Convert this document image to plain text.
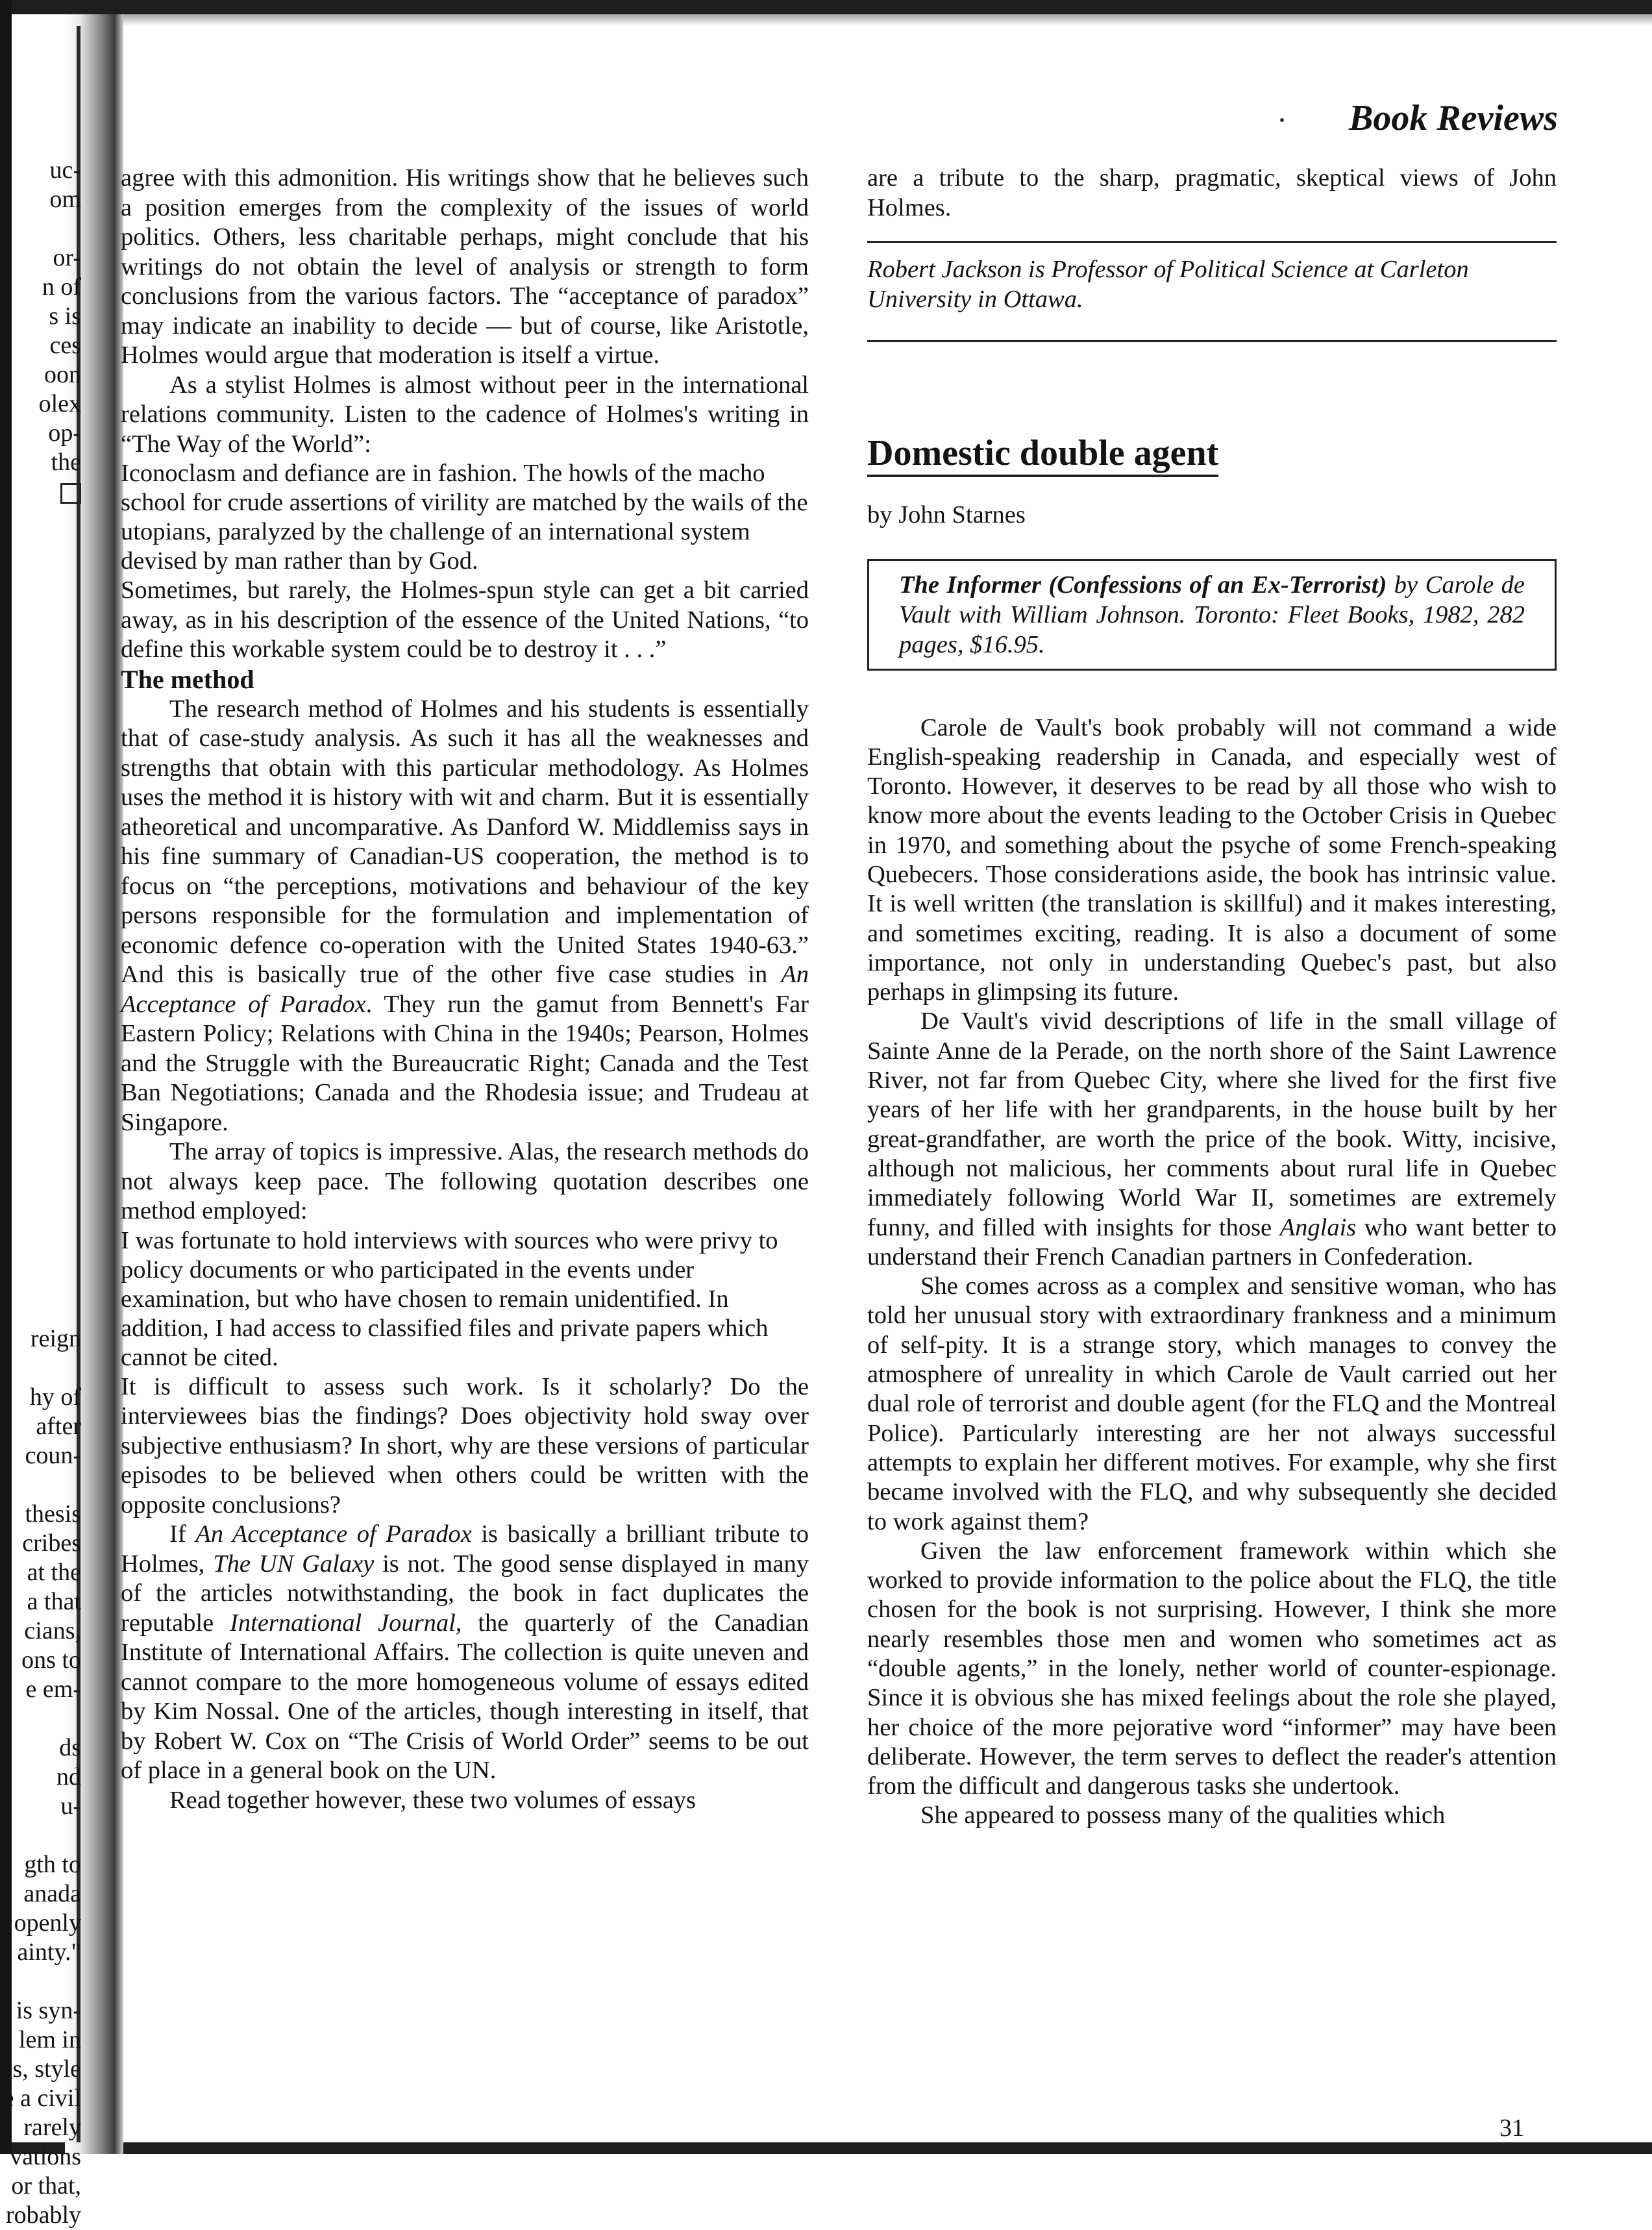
uc-
om
or-
n of
s is
ces
oon
olex
op-
the
reign
hy of
after
coun-
thesis
cribes
at the
a that
cians,
ons to
e em-
ds
nd
u-
gth to
anada
openly
ainty."
is syn-
lem in
s, style
e a civil
rarely
vations
or that,
robably
Book Reviews

agree with this admonition. His writings show that he believes such a position emerges from the complexity of the issues of world politics. Others, less charitable perhaps, might conclude that his writings do not obtain the level of analysis or strength to form conclusions from the various factors. The “acceptance of paradox” may indicate an inability to decide — but of course, like Aristotle, Holmes would argue that moderation is itself a virtue.

As a stylist Holmes is almost without peer in the international relations community. Listen to the cadence of Holmes's writing in “The Way of the World”:

Iconoclasm and defiance are in fashion. The howls of the macho school for crude assertions of virility are matched by the wails of the utopians, paralyzed by the challenge of an international system devised by man rather than by God.

Sometimes, but rarely, the Holmes-spun style can get a bit carried away, as in his description of the essence of the United Nations, “to define this workable system could be to destroy it . . .”

The method

The research method of Holmes and his students is essentially that of case-study analysis. As such it has all the weaknesses and strengths that obtain with this particular methodology. As Holmes uses the method it is history with wit and charm. But it is essentially atheoretical and uncomparative. As Danford W. Middlemiss says in his fine summary of Canadian-US cooperation, the method is to focus on “the perceptions, motivations and behaviour of the key persons responsible for the formulation and implementation of economic defence co-operation with the United States 1940-63.” And this is basically true of the other five case studies in An Acceptance of Paradox. They run the gamut from Bennett's Far Eastern Policy; Relations with China in the 1940s; Pearson, Holmes and the Struggle with the Bureaucratic Right; Canada and the Test Ban Negotiations; Canada and the Rhodesia issue; and Trudeau at Singapore.

The array of topics is impressive. Alas, the research methods do not always keep pace. The following quotation describes one method employed:

I was fortunate to hold interviews with sources who were privy to policy documents or who participated in the events under examination, but who have chosen to remain unidentified. In addition, I had access to classified files and private papers which cannot be cited.

It is difficult to assess such work. Is it scholarly? Do the interviewees bias the findings? Does objectivity hold sway over subjective enthusiasm? In short, why are these versions of particular episodes to be believed when others could be written with the opposite conclusions?

If An Acceptance of Paradox is basically a brilliant tribute to Holmes, The UN Galaxy is not. The good sense displayed in many of the articles notwithstanding, the book in fact duplicates the reputable International Journal, the quarterly of the Canadian Institute of International Affairs. The collection is quite uneven and cannot compare to the more homogeneous volume of essays edited by Kim Nossal. One of the articles, though interesting in itself, that by Robert W. Cox on “The Crisis of World Order” seems to be out of place in a general book on the UN.

Read together however, these two volumes of essays

are a tribute to the sharp, pragmatic, skeptical views of John Holmes.

Robert Jackson is Professor of Political Science at Carleton University in Ottawa.

Domestic double agent

by John Starnes

The Informer (Confessions of an Ex-Terrorist) by Carole de Vault with William Johnson. Toronto: Fleet Books, 1982, 282 pages, $16.95.

Carole de Vault's book probably will not command a wide English-speaking readership in Canada, and especially west of Toronto. However, it deserves to be read by all those who wish to know more about the events leading to the October Crisis in Quebec in 1970, and something about the psyche of some French-speaking Quebecers. Those considerations aside, the book has intrinsic value. It is well written (the translation is skillful) and it makes interesting, and sometimes exciting, reading. It is also a document of some importance, not only in understanding Quebec's past, but also perhaps in glimpsing its future.

De Vault's vivid descriptions of life in the small village of Sainte Anne de la Perade, on the north shore of the Saint Lawrence River, not far from Quebec City, where she lived for the first five years of her life with her grandparents, in the house built by her great-grandfather, are worth the price of the book. Witty, incisive, although not malicious, her comments about rural life in Quebec immediately following World War II, sometimes are extremely funny, and filled with insights for those Anglais who want better to understand their French Canadian partners in Confederation.

She comes across as a complex and sensitive woman, who has told her unusual story with extraordinary frankness and a minimum of self-pity. It is a strange story, which manages to convey the atmosphere of unreality in which Carole de Vault carried out her dual role of terrorist and double agent (for the FLQ and the Montreal Police). Particularly interesting are her not always successful attempts to explain her different motives. For example, why she first became involved with the FLQ, and why subsequently she decided to work against them?

Given the law enforcement framework within which she worked to provide information to the police about the FLQ, the title chosen for the book is not surprising. However, I think she more nearly resembles those men and women who sometimes act as “double agents,” in the lonely, nether world of counter-espionage. Since it is obvious she has mixed feelings about the role she played, her choice of the more pejorative word “informer” may have been deliberate. However, the term serves to deflect the reader's attention from the difficult and dangerous tasks she undertook.

She appeared to possess many of the qualities which

31
